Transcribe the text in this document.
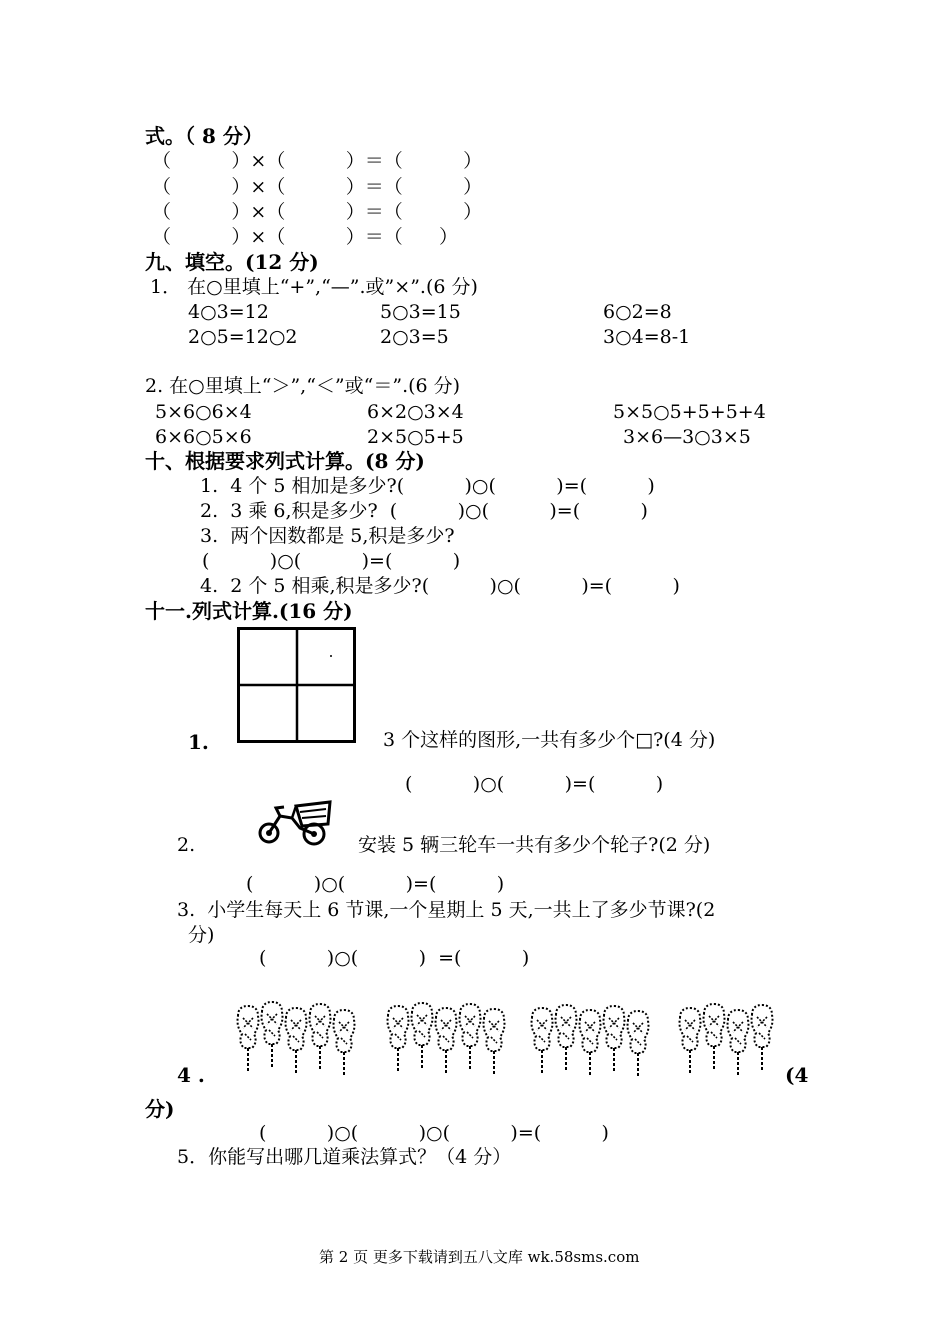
式。（ 8 分）
（          ）×（          ）＝（          ）
（          ）×（          ）＝（          ）
（          ）×（          ）＝（          ）
（          ）×（          ）＝（      ）
九、填空。(12 分)
1． 在○里填上“+”,“—”.或”×”.(6 分)
4○3=12	5○3=15	6○2=8
2○5=12○2	2○3=5	3○4=8-1
2. 在○里填上“＞”,“＜”或“＝”.(6 分)
5×6○6×4	6×2○3×4	5×5○5+5+5+4
6×6○5×6	2×5○5+5	3×6—3○3×5
十、根据要求列式计算。(8 分)
1.  4 个 5 相加是多少?(          )○(          )=(          )
2.  3 乘 6,积是多少?  (          )○(          )=(          )
3.  两个因数都是 5,积是多少?
(          )○(          )=(          )
4.  2 个 5 相乘,积是多少?(          )○(          )=(          )
十一.列式计算.(16 分)
1.	3 个这样的图形,一共有多少个□?(4 分)
(          )○(          )=(          )
2.	安装 5 辆三轮车一共有多少个轮子?(2 分)
(          )○(          )=(          )
3.  小学生每天上 6 节课,一个星期上 5 天,一共上了多少节课?(2
分)
(          )○(          )  =(          )
4 .	(4
分)
(          )○(          )○(          )=(          )
5．你能写出哪几道乘法算式？（4 分）
第 2 页 更多下载请到五八文库 wk.58sms.com
